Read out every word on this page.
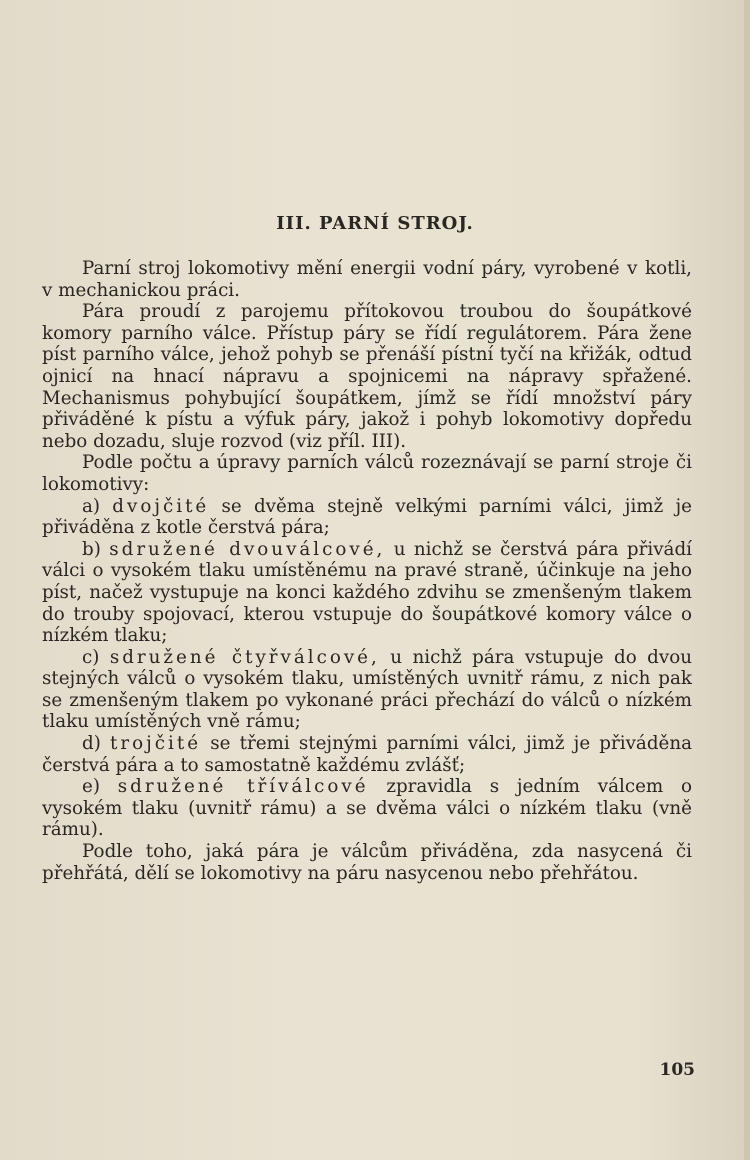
III. PARNÍ STROJ.

Parní stroj lokomotivy mění energii vodní páry, vyrobené v kotli, v mechanickou práci.

Pára proudí z parojemu přítokovou troubou do šoupátkové komory parního válce. Přístup páry se řídí regulátorem. Pára žene píst parního válce, jehož pohyb se přenáší pístní tyčí na křižák, odtud ojnicí na hnací nápravu a spojnicemi na nápravy spřažené. Mechanismus pohybující šoupátkem, jímž se řídí množství páry přiváděné k pístu a výfuk páry, jakož i pohyb lokomotivy dopředu nebo dozadu, sluje rozvod (viz příl. III).

Podle počtu a úpravy parních válců rozeznávají se parní stroje či lokomotivy:

a) dvojčité se dvěma stejně velkými parními válci, jimž je přiváděna z kotle čerstvá pára;

b) sdružené dvouválcové, u nichž se čerstvá pára přivádí válci o vysokém tlaku umístěnému na pravé straně, účinkuje na jeho píst, načež vystupuje na konci každého zdvihu se zmenšeným tlakem do trouby spojovací, kterou vstupuje do šoupátkové komory válce o nízkém tlaku;

c) sdružené čtyřválcové, u nichž pára vstupuje do dvou stejných válců o vysokém tlaku, umístěných uvnitř rámu, z nich pak se zmenšeným tlakem po vykonané práci přechází do válců o nízkém tlaku umístěných vně rámu;

d) trojčité se třemi stejnými parními válci, jimž je přiváděna čerstvá pára a to samostatně každému zvlášť;

e) sdružené tříválcové zpravidla s jedním válcem o vysokém tlaku (uvnitř rámu) a se dvěma válci o nízkém tlaku (vně rámu).

Podle toho, jaká pára je válcům přiváděna, zda nasycená či přehřátá, dělí se lokomotivy na páru nasycenou nebo přehřátou.

105
